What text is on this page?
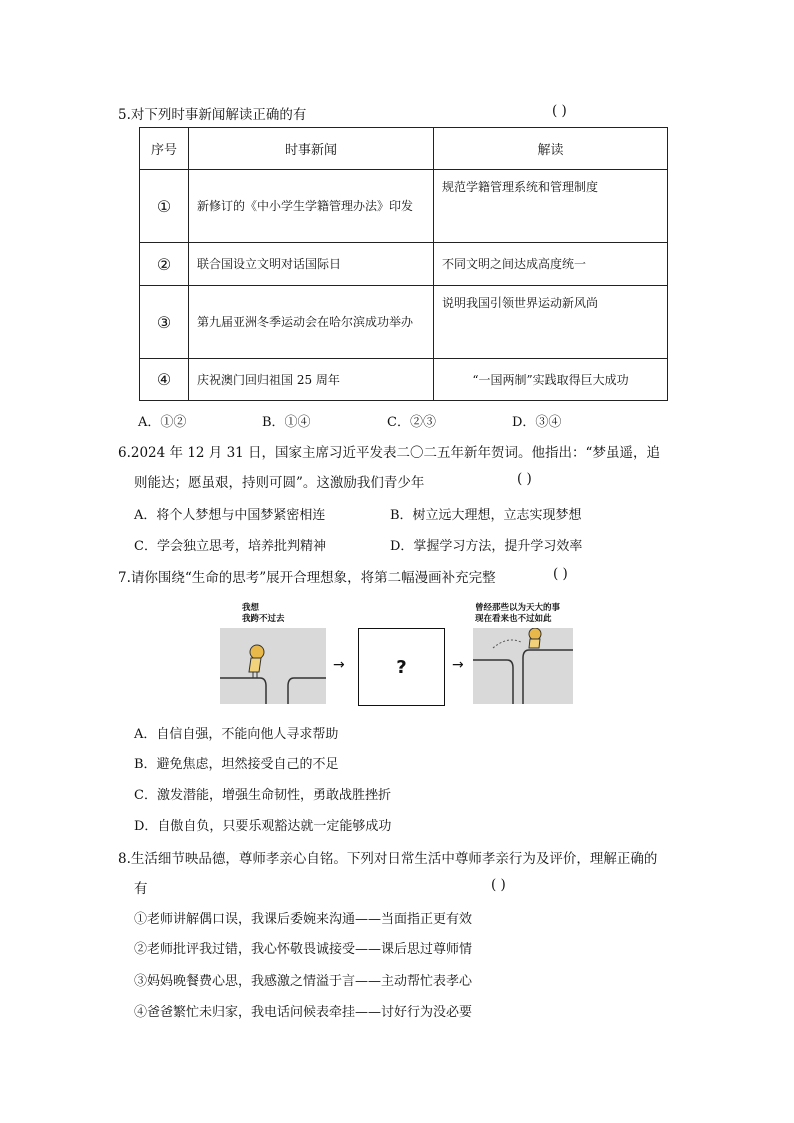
5.对下列时事新闻解读正确的有	( )
序号	时事新闻	解读
①	新修订的《中小学生学籍管理办法》印发	规范学籍管理系统和管理制度
②	联合国设立文明对话国际日	不同文明之间达成高度统一
③	第九届亚洲冬季运动会在哈尔滨成功举办	说明我国引领世界运动新风尚
④	庆祝澳门回归祖国 25 周年	“一国两制”实践取得巨大成功
A．①②	B．①④	C．②③	D．③④
6.2024 年 12 月 31 日，国家主席习近平发表二〇二五年新年贺词。他指出：“梦虽遥，追
则能达；愿虽艰，持则可圆”。这激励我们青少年	( )
A．将个人梦想与中国梦紧密相连	B．树立远大理想，立志实现梦想
C．学会独立思考，培养批判精神	D．掌握学习方法，提升学习效率
7.请你围绕“生命的思考”展开合理想象，将第二幅漫画补充完整	( )
我想
我跨不过去
→	?	→
曾经那些以为天大的事
现在看来也不过如此
A．自信自强，不能向他人寻求帮助
B．避免焦虑，坦然接受自己的不足
C．激发潜能，增强生命韧性，勇敢战胜挫折
D．自傲自负，只要乐观豁达就一定能够成功
8.生活细节映品德，尊师孝亲心自铭。下列对日常生活中尊师孝亲行为及评价，理解正确的
有	( )
①老师讲解偶口误，我课后委婉来沟通——当面指正更有效
②老师批评我过错，我心怀敬畏诚接受——课后思过尊师情
③妈妈晚餐费心思，我感激之情溢于言——主动帮忙表孝心
④爸爸繁忙未归家，我电话问候表牵挂——讨好行为没必要
